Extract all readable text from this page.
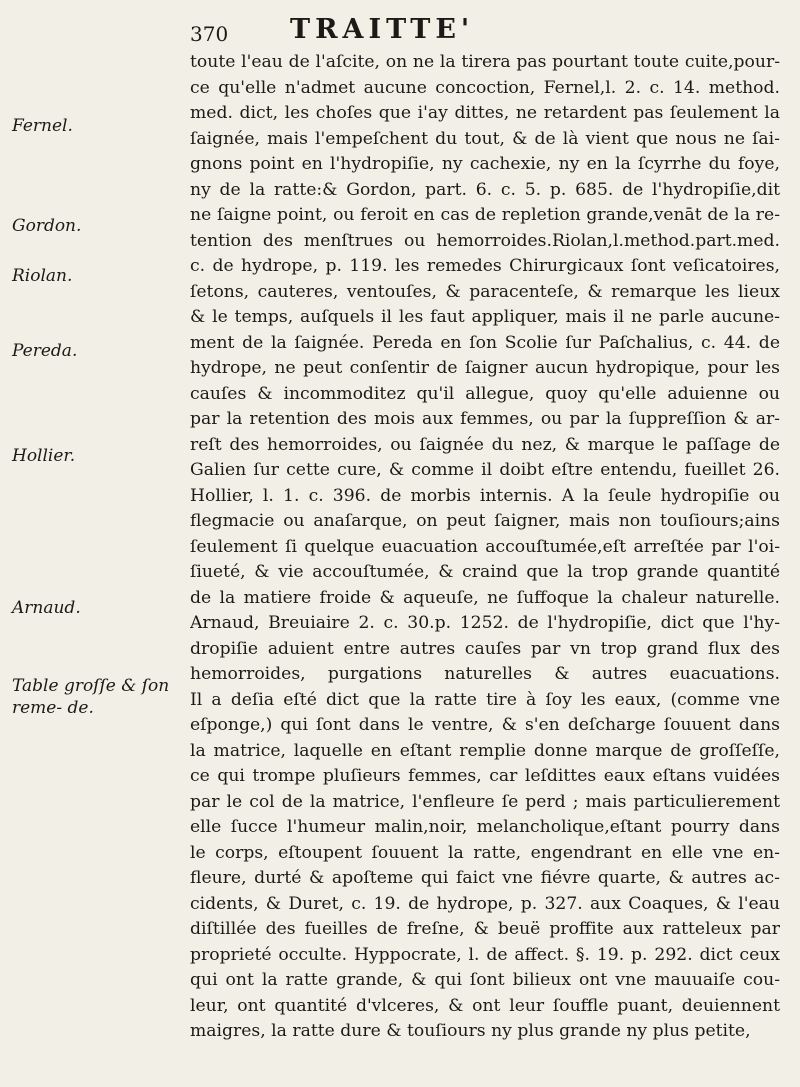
370 TRAITTE'
Fernel.
Gordon.
Riolan.
Pereda.
Hollier.
Arnaud.
Table groſſe & ſon reme- de.
toute l'eau de l'aſcite, on ne la tirera pas pourtant toute cuite,pour-
ce qu'elle n'admet aucune concoction, Fernel,l. 2. c. 14. method.
med. dict, les choſes que i'ay dittes, ne retardent pas ſeulement la
ſaignée, mais l'empeſchent du tout, & de là vient que nous ne ſai-
gnons point en l'hydropiſie, ny cachexie, ny en la ſcyrrhe du foye,
ny de la ratte:& Gordon, part. 6. c. 5. p. 685. de l'hydropiſie,dit
ne ſaigne point, ou feroit en cas de repletion grande,venāt de la re-
tention des menſtrues ou hemorroides.Riolan,l.method.part.med.
c. de hydrope, p. 119. les remedes Chirurgicaux ſont veſicatoires,
ſetons, cauteres, ventouſes, & paracenteſe, & remarque les lieux
& le temps, auſquels il les faut appliquer, mais il ne parle aucune-
ment de la ſaignée. Pereda en ſon Scolie ſur Paſchalius, c. 44. de
hydrope, ne peut conſentir de ſaigner aucun hydropique, pour les
cauſes & incommoditez qu'il allegue, quoy qu'elle aduienne ou
par la retention des mois aux femmes, ou par la ſuppreſſion & ar-
reſt des hemorroides, ou ſaignée du nez, & marque le paſſage de
Galien ſur cette cure, & comme il doibt eſtre entendu, fueillet 26.
Hollier, l. 1. c. 396. de morbis internis. A la ſeule hydropiſie ou
flegmacie ou anaſarque, on peut ſaigner, mais non touſiours;ains
ſeulement ſi quelque euacuation accouſtumée,eſt arreſtée par l'oi-
ſiueté, & vie accouſtumée, & craind que la trop grande quantité
de la matiere froide & aqueuſe, ne ſuffoque la chaleur naturelle.
Arnaud, Breuiaire 2. c. 30.p. 1252. de l'hydropiſie, dict que l'hy-
dropiſie aduient entre autres cauſes par vn trop grand flux des
hemorroides, purgations naturelles & autres euacuations.
Il a deſia eſté dict que la ratte tire à ſoy les eaux, (comme vne
eſponge,) qui ſont dans le ventre, & s'en deſcharge ſouuent dans
la matrice, laquelle en eſtant remplie donne marque de groſſeſſe,
ce qui trompe pluſieurs femmes, car leſdittes eaux eſtans vuidées
par le col de la matrice, l'enfleure ſe perd ; mais particulierement
elle ſucce l'humeur malin,noir, melancholique,eſtant pourry dans
le corps, eſtoupent ſouuent la ratte, engendrant en elle vne en-
fleure, durté & apoſteme qui faict vne fiévre quarte, & autres ac-
cidents, & Duret, c. 19. de hydrope, p. 327. aux Coaques, & l'eau
diſtillée des fueilles de freſne, & beuë proffite aux ratteleux par
proprieté occulte. Hyppocrate, l. de affect. §. 19. p. 292. dict ceux
qui ont la ratte grande, & qui ſont bilieux ont vne mauuaiſe cou-
leur, ont quantité d'vlceres, & ont leur ſouffle puant, deuiennent
maigres, la ratte dure & touſiours ny plus grande ny plus petite,
